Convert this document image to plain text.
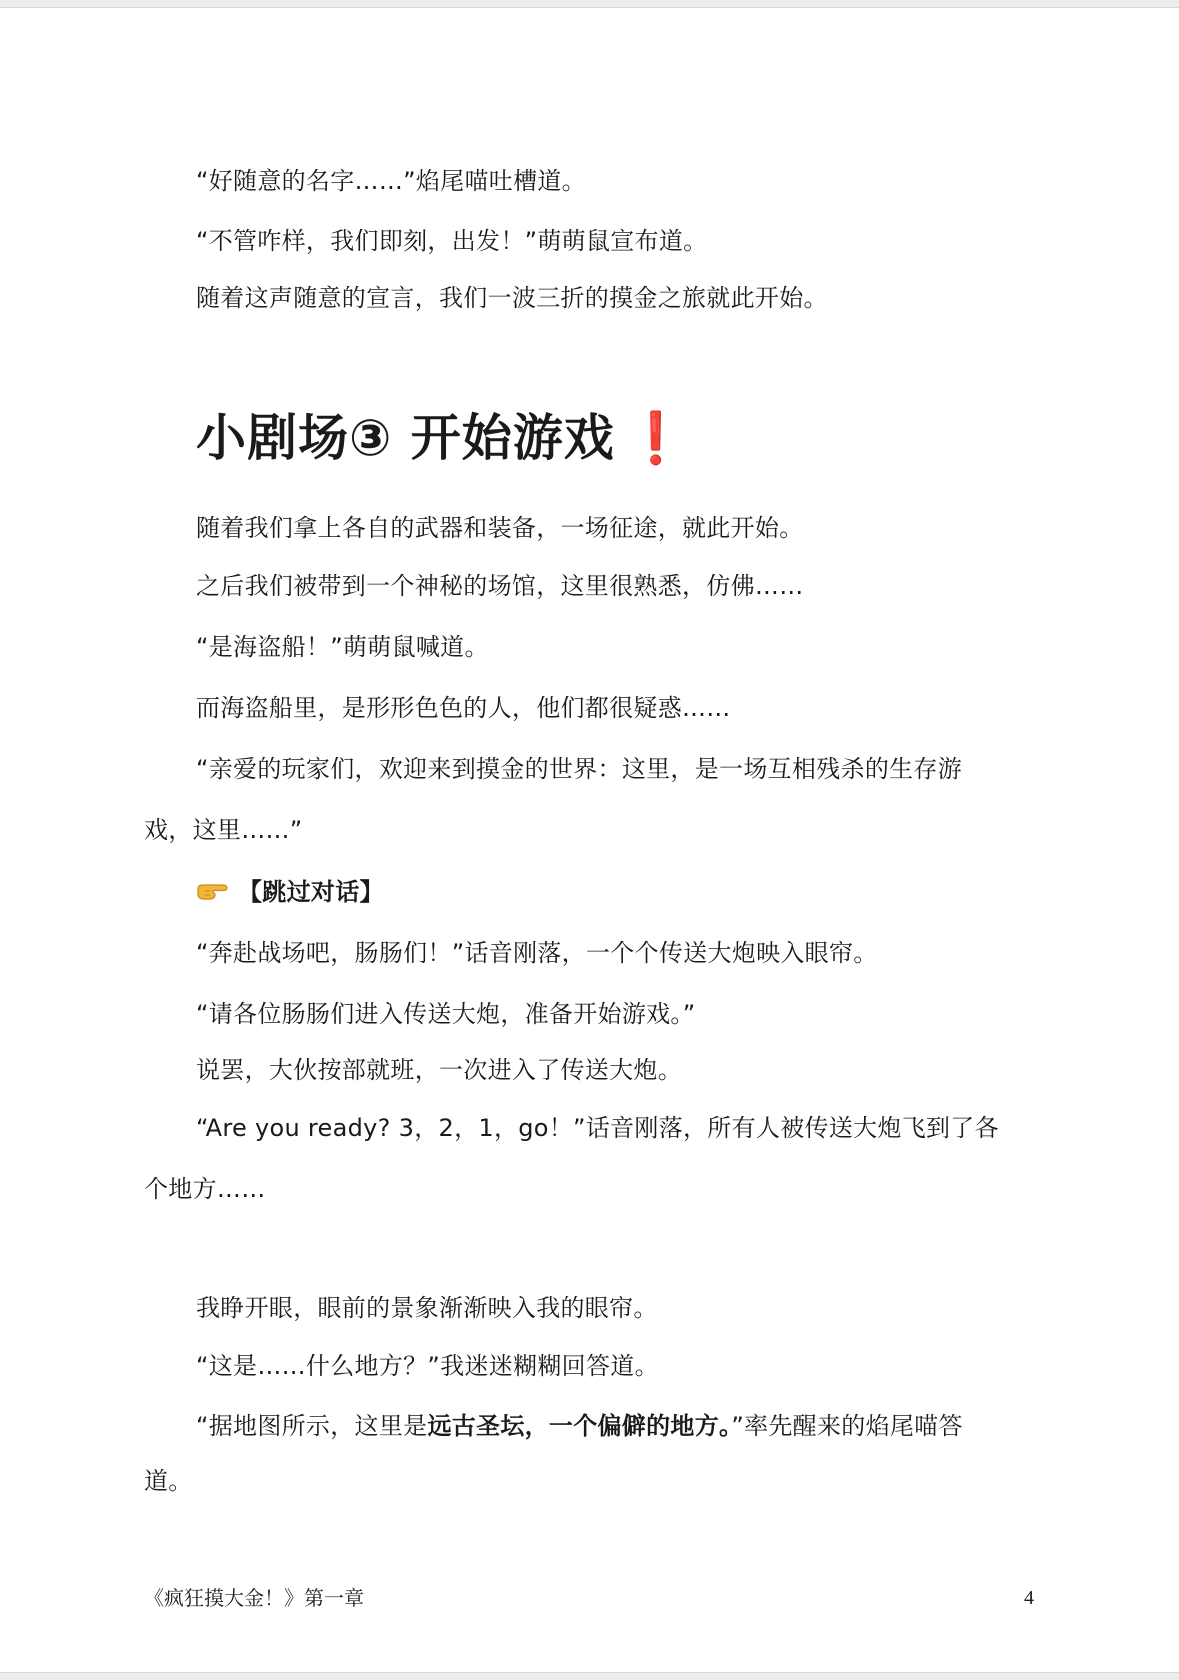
“好随意的名字……”焰尾喵吐槽道。
“不管咋样，我们即刻，出发！”萌萌鼠宣布道。
随着这声随意的宣言，我们一波三折的摸金之旅就此开始。
小剧场③ 开始游戏 ❗
随着我们拿上各自的武器和装备，一场征途，就此开始。
之后我们被带到一个神秘的场馆，这里很熟悉，仿佛……
“是海盗船！”萌萌鼠喊道。
而海盗船里，是形形色色的人，他们都很疑惑……
“亲爱的玩家们，欢迎来到摸金的世界：这里，是一场互相残杀的生存游
戏，这里……”
【跳过对话】
“奔赴战场吧，肠肠们！”话音刚落，一个个传送大炮映入眼帘。
“请各位肠肠们进入传送大炮，准备开始游戏。”
说罢，大伙按部就班，一次进入了传送大炮。
“Are you ready? 3，2，1，go！”话音刚落，所有人被传送大炮飞到了各
个地方……
我睁开眼，眼前的景象渐渐映入我的眼帘。
“这是……什么地方？”我迷迷糊糊回答道。
“据地图所示，这里是远古圣坛，一个偏僻的地方。”率先醒来的焰尾喵答
道。
《疯狂摸大金！》第一章	4
